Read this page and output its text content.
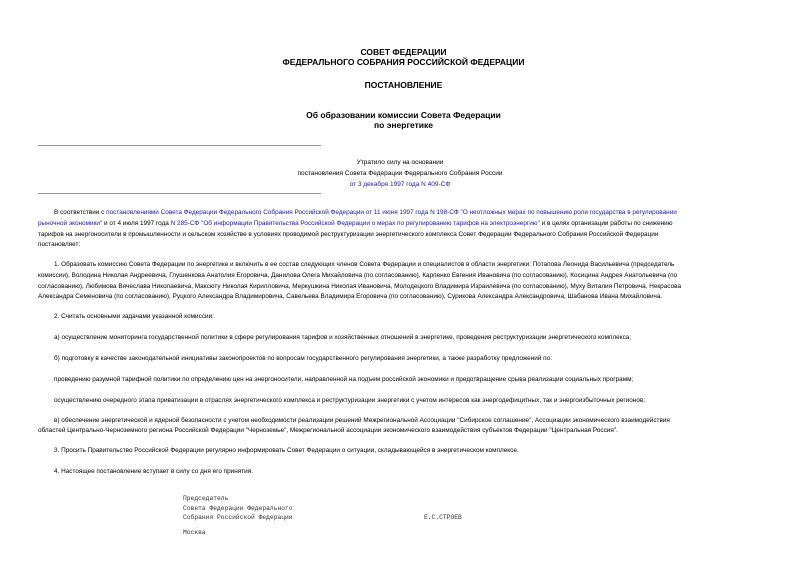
СОВЕТ ФЕДЕРАЦИИ
ФЕДЕРАЛЬНОГО СОБРАНИЯ РОССИЙСКОЙ ФЕДЕРАЦИИ
ПОСТАНОВЛЕНИЕ
Об образовании комиссии Совета Федерации
по энергетике
Утратило силу на основании
постановления Совета Федерации Федерального Собрания России
от 3 декабря 1997 года N 409-СФ
В соответствии с постановлениями Совета Федерации Федерального Собрания Российской Федерации от 11 июня 1997 года N 198-СФ "О неотложных мерах по повышению роли государства в регулировании
рыночной экономики" и от 4 июля 1997 года N 285-СФ "Об информации Правительства Российской Федерации о мерах по регулированию тарифов на электроэнергию" и в целях организации работы по снижению
тарифов на энергоносители в промышленности и сельском хозяйстве в условиях проводимой реструктуризации энергетического комплекса Совет Федерации Федерального Собрания Российской Федерации
постановляет:
1. Образовать комиссию Совета Федерации по энергетике и включить в ее состав следующих членов Совета Федерации и специалистов в области энергетики: Потапова Леонида Васильевича (председатель
комиссии), Володина Николая Андреевича, Глушенкова Анатолия Егоровича, Данилова Олега Михайловича (по согласованию), Карпенко Евгения Ивановича (по согласованию), Косицина Андрея Анатольевича (по
согласованию), Любимова Вячеслава Николаевича, Максюту Николая Кирилловича, Меркушкина Николая Ивановича, Молодецкого Владимира Израилевича (по согласованию), Муху Виталия Петровича, Некрасова
Александра Семеновича (по согласованию), Руцкого Александра Владимировича, Савельева Владимира Егоровича (по согласованию), Сурикова Александра Александровича, Шабанова Ивана Михайловича.
2. Считать основными задачами указанной комиссии:
а) осуществление мониторинга государственной политики в сфере регулирования тарифов и хозяйственных отношений в энергетике, проведения реструктуризации энергетического комплекса;
б) подготовку в качестве законодательной инициативы законопроектов по вопросам государственного регулирования энергетики, а также разработку предложений по:
проведению разумной тарифной политики по определению цен на энергоносители, направленной на подъем российской экономики и предотвращение срыва реализации социальных программ;
осуществлению очередного этапа приватизации в отраслях энергетического комплекса и реструктуризации энергетики с учетом интересов как энергодефицитных, так и энергоизбыточных регионов;
в) обеспечение энергетической и ядерной безопасности с учетом необходимости реализации решений Межрегиональной Ассоциации "Сибирское соглашение", Ассоциации экономического взаимодействия
областей Центрально-Черноземного региона Российской Федерации "Черноземье", Межрегиональной ассоциации экономического взаимодействия субъектов Федерации "Центральная Россия".
3. Просить Правительство Российской Федерации регулярно информировать Совет Федерации о ситуации, складывающейся в энергетическом комплексе.
4. Настоящее постановление вступает в силу со дня его принятия.
Председатель
Совета Федерации Федерального
Собрания Российской Федерации	Е.С.СТРОЕВ
Москва
